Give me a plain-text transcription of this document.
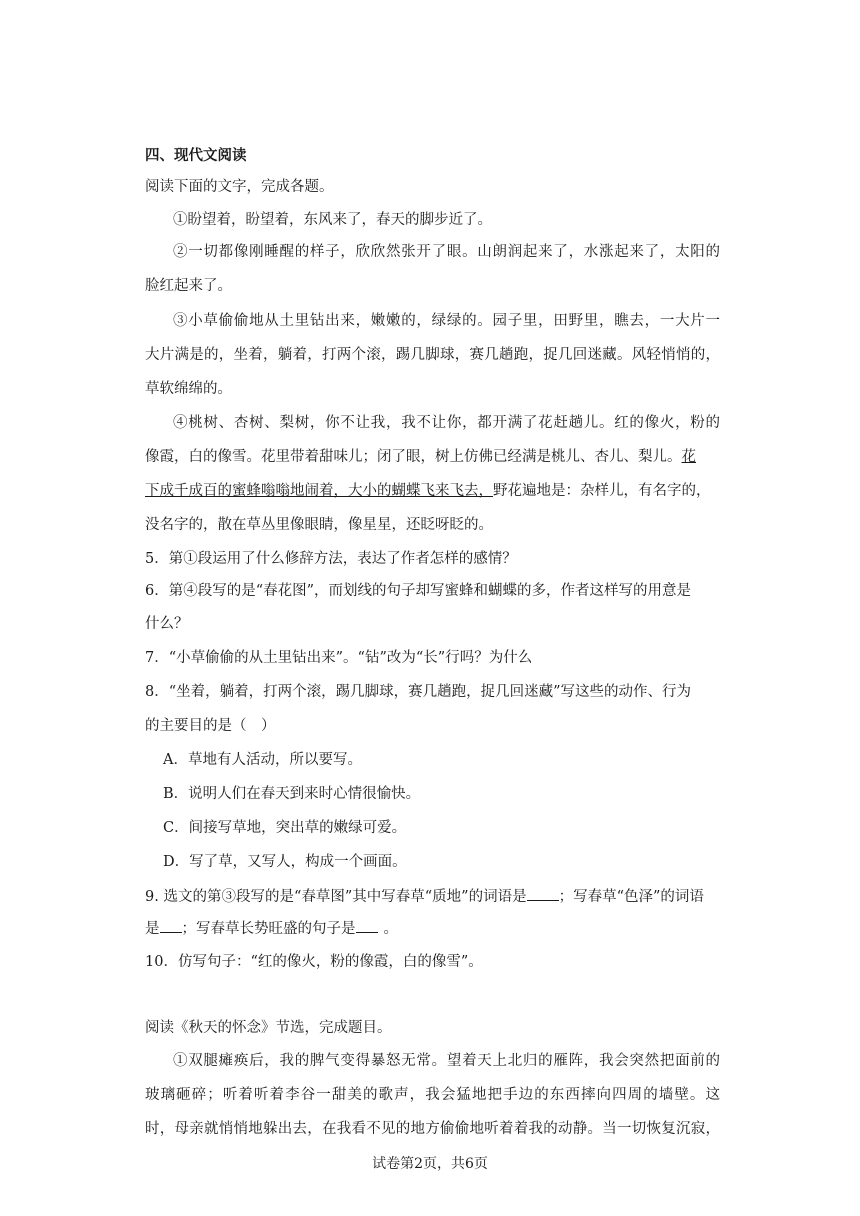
四、现代文阅读
阅读下面的文字，完成各题。
①盼望着，盼望着，东风来了，春天的脚步近了。
②一切都像刚睡醒的样子，欣欣然张开了眼。山朗润起来了，水涨起来了，太阳的
脸红起来了。
③小草偷偷地从土里钻出来，嫩嫩的，绿绿的。园子里，田野里，瞧去，一大片一
大片满是的，坐着，躺着，打两个滚，踢几脚球，赛几趟跑，捉几回迷藏。风轻悄悄的，
草软绵绵的。
④桃树、杏树、梨树，你不让我，我不让你，都开满了花赶趟儿。红的像火，粉的
像霞，白的像雪。花里带着甜味儿；闭了眼，树上仿佛已经满是桃儿、杏儿、梨儿。花
下成千成百的蜜蜂嗡嗡地闹着，大小的蝴蝶飞来飞去，野花遍地是：杂样儿，有名字的，
没名字的，散在草丛里像眼睛，像星星，还眨呀眨的。
5．第①段运用了什么修辞方法，表达了作者怎样的感情？
6．第④段写的是“春花图”，而划线的句子却写蜜蜂和蝴蝶的多，作者这样写的用意是
什么？
7．“小草偷偷的从土里钻出来”。“钻”改为“长”行吗？为什么
8．“坐着，躺着，打两个滚，踢几脚球，赛几趟跑，捉几回迷藏”写这些的动作、行为
的主要目的是（　）
A．草地有人活动，所以要写。
B．说明人们在春天到来时心情很愉快。
C．间接写草地，突出草的嫩绿可爱。
D．写了草，又写人，构成一个画面。
9. 选文的第③段写的是“春草图”其中写春草“质地”的词语是 ；写春草“色泽”的词语
是 ；写春草长势旺盛的句子是 。
10．仿写句子：“红的像火，粉的像霞，白的像雪”。
阅读《秋天的怀念》节选，完成题目。
①双腿瘫痪后，我的脾气变得暴怒无常。望着天上北归的雁阵，我会突然把面前的
玻璃砸碎；听着听着李谷一甜美的歌声，我会猛地把手边的东西摔向四周的墙壁。这
时，母亲就悄悄地躲出去，在我看不见的地方偷偷地听着着我的动静。当一切恢复沉寂，
试卷第2页，共6页
